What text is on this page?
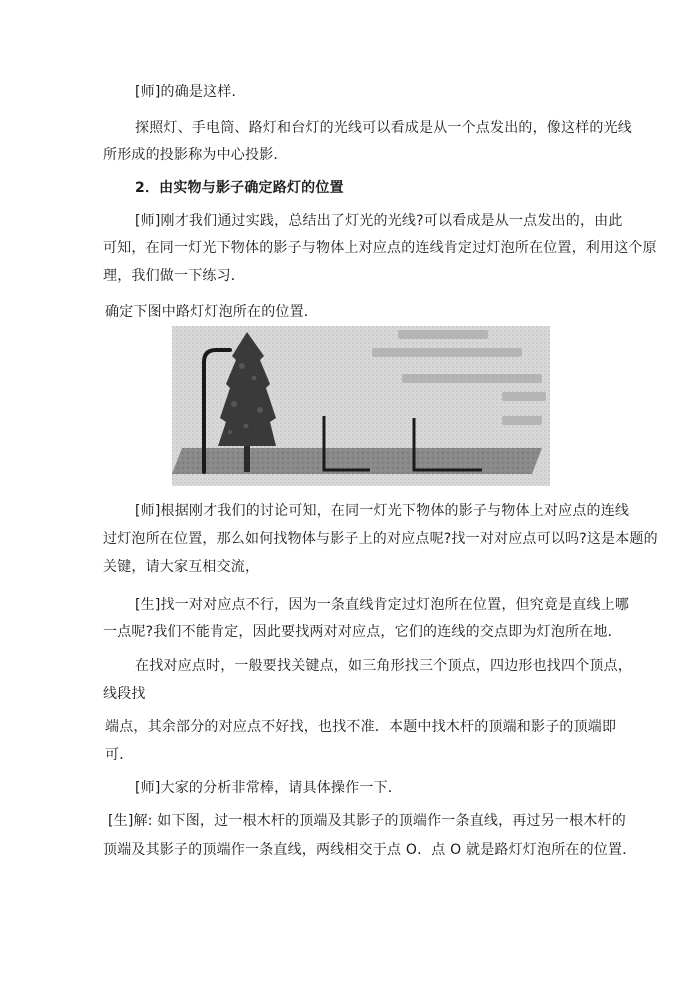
[师]的确是这样．
探照灯、手电筒、路灯和台灯的光线可以看成是从一个点发出的，像这样的光线
所形成的投影称为中心投影．
2．由实物与影子确定路灯的位置
[师]刚才我们通过实践，总结出了灯光的光线?可以看成是从一点发出的，由此
可知，在同一灯光下物体的影子与物体上对应点的连线肯定过灯泡所在位置，利用这个原
理，我们做一下练习．
确定下图中路灯灯泡所在的位置．
[师]根据刚才我们的讨论可知，在同一灯光下物体的影子与物体上对应点的连线
过灯泡所在位置，那么如何找物体与影子上的对应点呢?找一对对应点可以吗?这是本题的
关键，请大家互相交流，
[生]找一对对应点不行，因为一条直线肯定过灯泡所在位置，但究竟是直线上哪
一点呢?我们不能肯定，因此要找两对对应点，它们的连线的交点即为灯泡所在地．
在找对应点时，一般要找关键点，如三角形找三个顶点，四边形也找四个顶点，
线段找
端点，其余部分的对应点不好找，也找不准．本题中找木杆的顶端和影子的顶端即
可．
[师]大家的分析非常棒，请具体操作一下．
[生]解: 如下图，过一根木杆的顶端及其影子的顶端作一条直线，再过另一根木杆的
顶端及其影子的顶端作一条直线，两线相交于点 O．点 O 就是路灯灯泡所在的位置．
